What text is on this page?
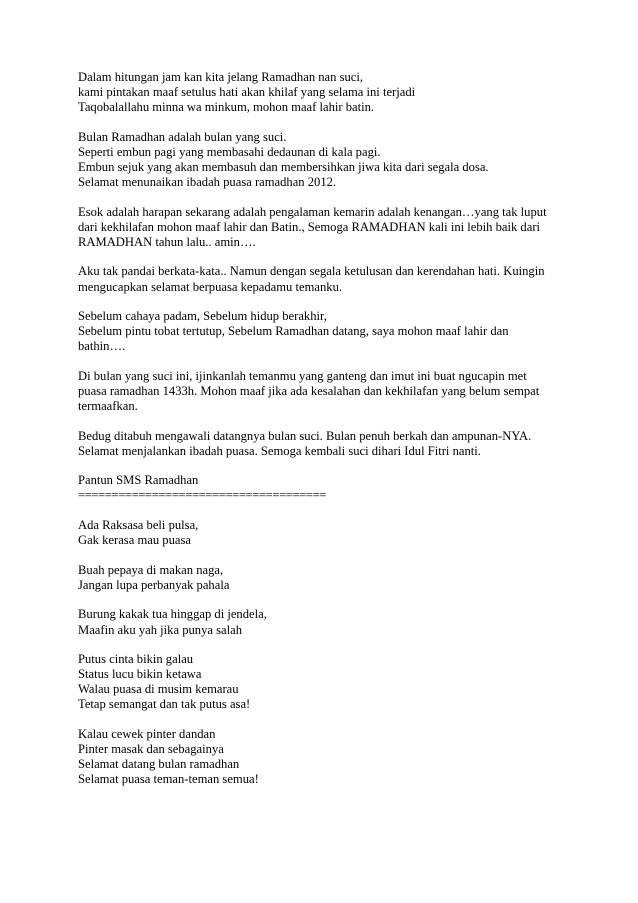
Dalam hitungan jam kan kita jelang Ramadhan nan suci,
kami pintakan maaf setulus hati akan khilaf yang selama ini terjadi
Taqobalallahu minna wa minkum, mohon maaf lahir batin.
Bulan Ramadhan adalah bulan yang suci.
Seperti embun pagi yang membasahi dedaunan di kala pagi.
Embun sejuk yang akan membasuh dan membersihkan jiwa kita dari segala dosa.
Selamat menunaikan ibadah puasa ramadhan 2012.
Esok adalah harapan sekarang adalah pengalaman kemarin adalah kenangan…yang tak luput
dari kekhilafan mohon maaf lahir dan Batin., Semoga RAMADHAN kali ini lebih baik dari
RAMADHAN tahun lalu.. amin….
Aku tak pandai berkata-kata.. Namun dengan segala ketulusan dan kerendahan hati. Kuingin
mengucapkan selamat berpuasa kepadamu temanku.
Sebelum cahaya padam, Sebelum hidup berakhir,
Sebelum pintu tobat tertutup, Sebelum Ramadhan datang, saya mohon maaf lahir dan
bathin….
Di bulan yang suci ini, ijinkanlah temanmu yang ganteng dan imut ini buat ngucapin met
puasa ramadhan 1433h. Mohon maaf jika ada kesalahan dan kekhilafan yang belum sempat
termaafkan.
Bedug ditabuh mengawali datangnya bulan suci. Bulan penuh berkah dan ampunan-NYA.
Selamat menjalankan ibadah puasa. Semoga kembali suci dihari Idul Fitri nanti.
Pantun SMS Ramadhan
=====================================
Ada Raksasa beli pulsa,
Gak kerasa mau puasa
Buah pepaya di makan naga,
Jangan lupa perbanyak pahala
Burung kakak tua hinggap di jendela,
Maafin aku yah jika punya salah
Putus cinta bikin galau
Status lucu bikin ketawa
Walau puasa di musim kemarau
Tetap semangat dan tak putus asa!
Kalau cewek pinter dandan
Pinter masak dan sebagainya
Selamat datang bulan ramadhan
Selamat puasa teman-teman semua!
